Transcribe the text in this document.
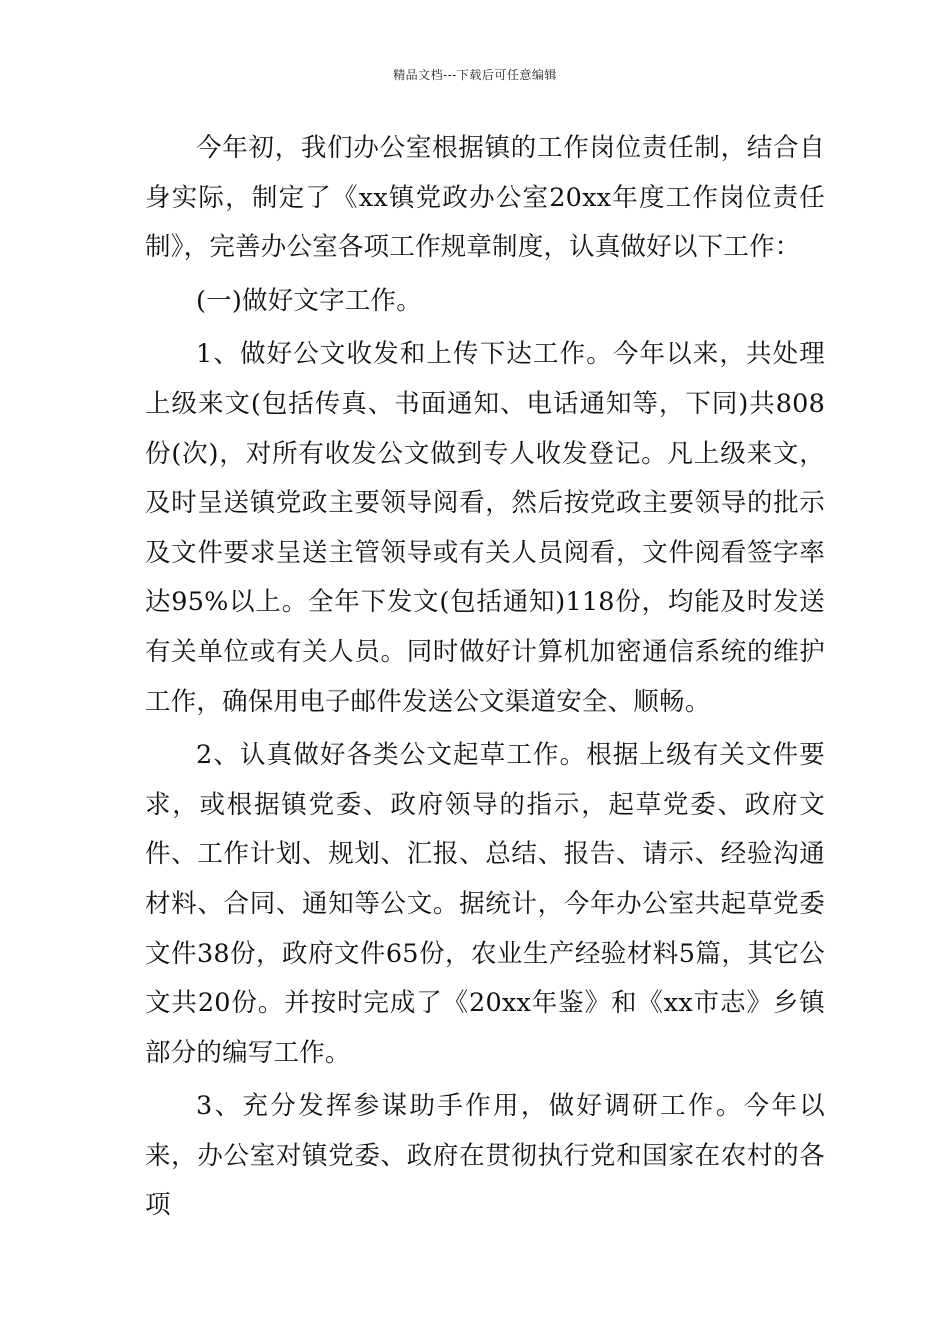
精品文档---下载后可任意编辑

今年初，我们办公室根据镇的工作岗位责任制，结合自身实际，制定了《xx镇党政办公室20xx年度工作岗位责任制》，完善办公室各项工作规章制度，认真做好以下工作：

(一)做好文字工作。

1、做好公文收发和上传下达工作。今年以来，共处理上级来文(包括传真、书面通知、电话通知等，下同)共808份(次)，对所有收发公文做到专人收发登记。凡上级来文，及时呈送镇党政主要领导阅看，然后按党政主要领导的批示及文件要求呈送主管领导或有关人员阅看，文件阅看签字率达95%以上。全年下发文(包括通知)118份，均能及时发送有关单位或有关人员。同时做好计算机加密通信系统的维护工作，确保用电子邮件发送公文渠道安全、顺畅。

2、认真做好各类公文起草工作。根据上级有关文件要求，或根据镇党委、政府领导的指示，起草党委、政府文件、工作计划、规划、汇报、总结、报告、请示、经验沟通材料、合同、通知等公文。据统计，今年办公室共起草党委文件38份，政府文件65份，农业生产经验材料5篇，其它公文共20份。并按时完成了《20xx年鉴》和《xx市志》乡镇部分的编写工作。

3、充分发挥参谋助手作用，做好调研工作。今年以来，办公室对镇党委、政府在贯彻执行党和国家在农村的各项
